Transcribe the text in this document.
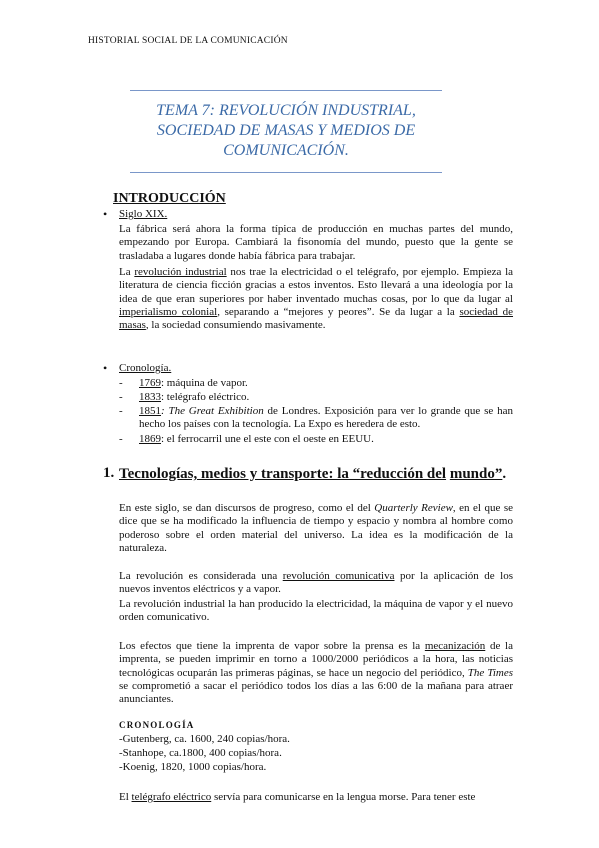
HISTORIAL SOCIAL DE LA COMUNICACIÓN
TEMA 7: REVOLUCIÓN INDUSTRIAL, SOCIEDAD DE MASAS Y MEDIOS DE COMUNICACIÓN.
INTRODUCCIÓN
• Siglo XIX.
La fábrica será ahora la forma típica de producción en muchas partes del mundo, empezando por Europa. Cambiará la fisonomía del mundo, puesto que la gente se trasladaba a lugares donde había fábrica para trabajar.
La revolución industrial nos trae la electricidad o el telégrafo, por ejemplo. Empieza la literatura de ciencia ficción gracias a estos inventos. Esto llevará a una ideología por la idea de que eran superiores por haber inventado muchas cosas, por lo que da lugar al imperialismo colonial, separando a “mejores y peores”. Se da lugar a la sociedad de masas, la sociedad consumiendo masivamente.
• Cronología.
- 1769: máquina de vapor.
- 1833: telégrafo eléctrico.
- 1851: The Great Exhibition de Londres. Exposición para ver lo grande que se han hecho los países con la tecnología. La Expo es heredera de esto.
- 1869: el ferrocarril une el este con el oeste en EEUU.
1. Tecnologías, medios y transporte: la “reducción del mundo”.
En este siglo, se dan discursos de progreso, como el del Quarterly Review, en el que se dice que se ha modificado la influencia de tiempo y espacio y nombra al hombre como poderoso sobre el orden material del universo. La idea es la modificación de la naturaleza.
La revolución es considerada una revolución comunicativa por la aplicación de los nuevos inventos eléctricos y a vapor.
La revolución industrial la han producido la electricidad, la máquina de vapor y el nuevo orden comunicativo.
Los efectos que tiene la imprenta de vapor sobre la prensa es la mecanización de la imprenta, se pueden imprimir en torno a 1000/2000 periódicos a la hora, las noticias tecnológicas ocuparán las primeras páginas, se hace un negocio del periódico, The Times se comprometió a sacar el periódico todos los días a las 6:00 de la mañana para atraer anunciantes.
CRONOLOGÍA
-Gutenberg, ca. 1600, 240 copias/hora.
-Stanhope, ca.1800, 400 copias/hora.
-Koenig, 1820, 1000 copias/hora.
El telégrafo eléctrico servía para comunicarse en la lengua morse. Para tener este
